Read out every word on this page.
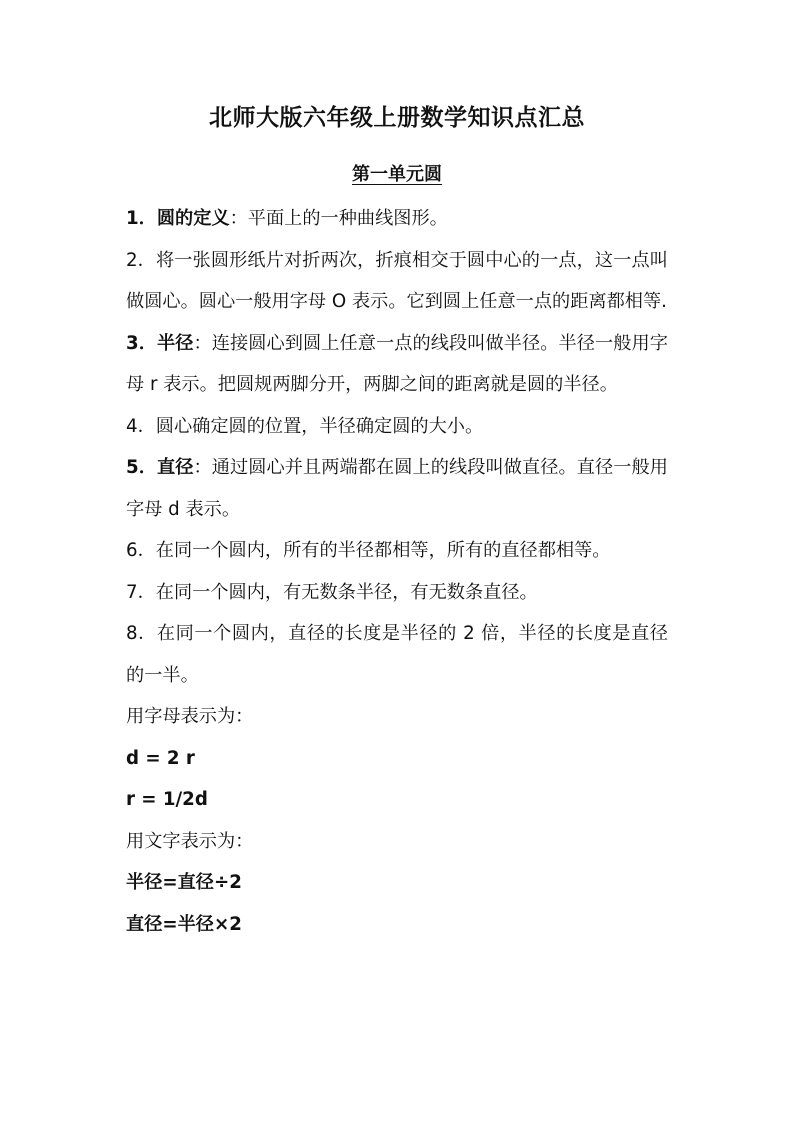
北师大版六年级上册数学知识点汇总
第一单元圆

1．圆的定义：平面上的一种曲线图形。

2．将一张圆形纸片对折两次，折痕相交于圆中心的一点，这一点叫做圆心。圆心一般用字母 O 表示。它到圆上任意一点的距离都相等.

3．半径：连接圆心到圆上任意一点的线段叫做半径。半径一般用字母 r 表示。把圆规两脚分开，两脚之间的距离就是圆的半径。

4．圆心确定圆的位置，半径确定圆的大小。

5．直径：通过圆心并且两端都在圆上的线段叫做直径。直径一般用字母 d 表示。

6．在同一个圆内，所有的半径都相等，所有的直径都相等。

7．在同一个圆内，有无数条半径，有无数条直径。

8．在同一个圆内，直径的长度是半径的 2 倍，半径的长度是直径的一半。

用字母表示为：

d = 2 r

r = 1/2d

用文字表示为：

半径=直径÷2

直径=半径×2
